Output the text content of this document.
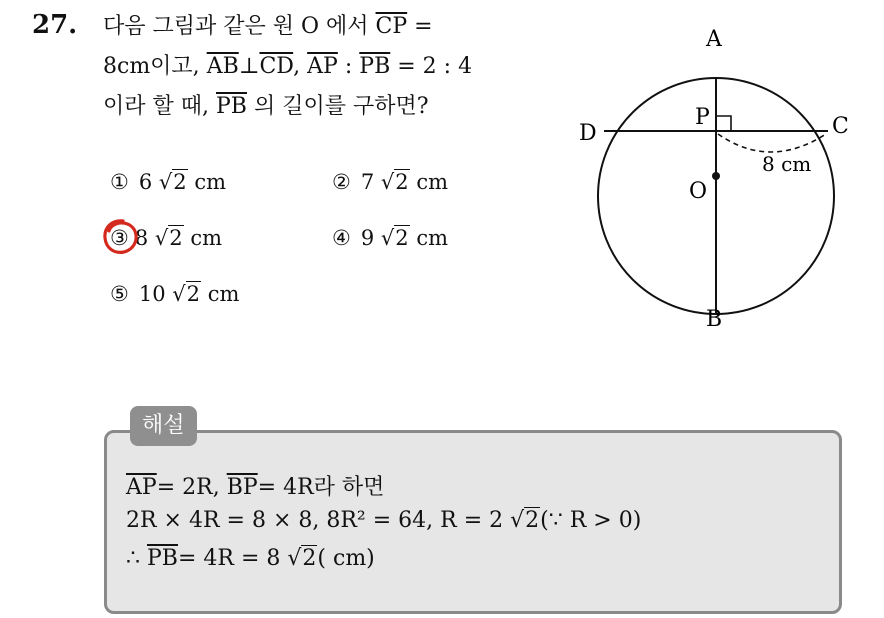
27. 다음 그림과 같은 원 O 에서 $\overline{CP}$ =
8cm이고, $\overline{AB}\perp\overline{CD}$, $\overline{AP}$ : $\overline{PB} = 2$ : 4
이라 할 때, $\overline{PB}$ 의 길이를 구하면?
① 6 √2 cm	② 7 √2 cm
③ 8 √2 cm	④ 9 √2 cm
⑤ 10 √2 cm
A
B
C
D
P
O
8 cm
해설
$\overline{AP}= 2R$, $\overline{BP}= 4R$라 하면
2R × 4R = 8 × 8, 8R² = 64, R = 2 √2(∵ R > 0)
∴ $\overline{PB}= 4R = 8$ √2( cm)
